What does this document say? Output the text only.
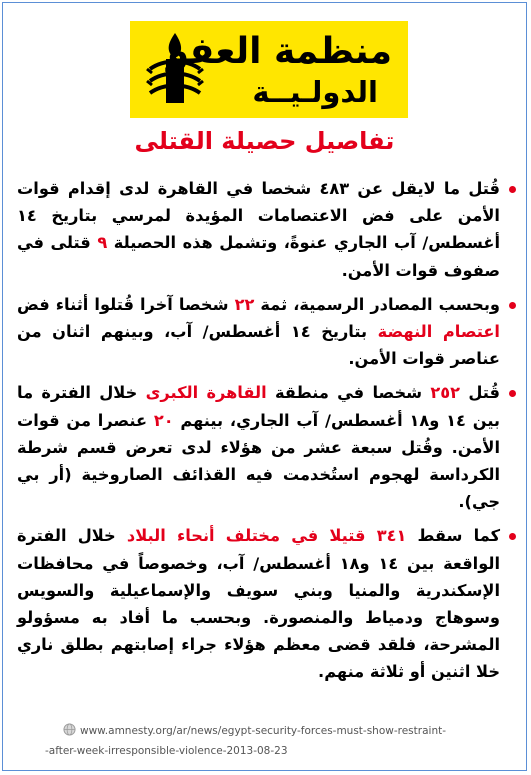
منظمة العفو
الدولـيــة
تفاصيل حصيلة القتلى
قُتل ما لايقل عن ٤٨٣ شخصا في القاهرة لدى إقدام قوات الأمن على فض الاعتصامات المؤيدة لمرسي بتاريخ ١٤ أغسطس/ آب الجاري عنوةً، وتشمل هذه الحصيلة ٩ قتلى في صفوف قوات الأمن.
وبحسب المصادر الرسمية، ثمة ٢٢ شخصا آخرا قُتلوا أثناء فض اعتصام النهضة بتاريخ ١٤ أغسطس/ آب، وبينهم اثنان من عناصر قوات الأمن.
قُتل ٢٥٢ شخصا في منطقة القاهرة الكبرى خلال الفترة ما بين ١٤ و١٨ أغسطس/ آب الجاري، بينهم ٢٠ عنصرا من قوات الأمن. وقُتل سبعة عشر من هؤلاء لدى تعرض قسم شرطة الكرداسة لهجوم استُخدمت فيه القذائف الصاروخية (أر بي جي).
كما سقط ٣٤١ قتيلا في مختلف أنحاء البلاد خلال الفترة الواقعة بين ١٤ و١٨ أغسطس/ آب، وخصوصاً في محافظات الإسكندرية والمنيا وبني سويف والإسماعيلية والسويس وسوهاج ودمياط والمنصورة. وبحسب ما أفاد به مسؤولو المشرحة، فلقد قضى معظم هؤلاء جراء إصابتهم بطلق ناري خلا اثنين أو ثلاثة منهم.
www.amnesty.org/ar/news/egypt-security-forces-must-show-restraint-
-after-week-irresponsible-violence-2013-08-23
